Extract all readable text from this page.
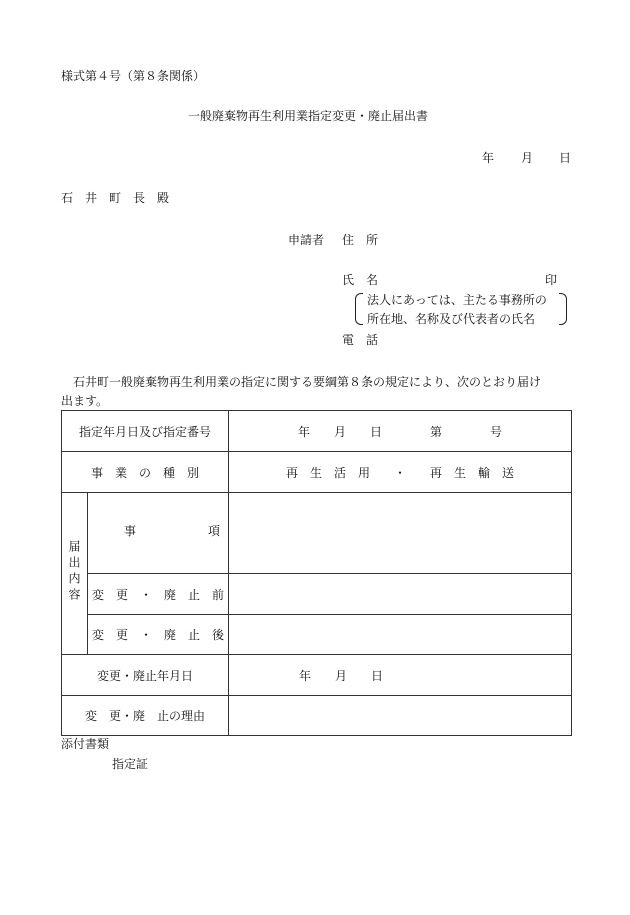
様式第４号（第８条関係）
一般廃棄物再生利用業指定変更・廃止届出書
年 月 日
石　井　町　長　殿
申請者 住　所
氏　名	印
法人にあっては、主たる事務所の
所在地、名称及び代表者の氏名
電　話
石井町一般廃棄物再生利用業の指定に関する要綱第８条の規定により、次のとおり届け
出ます。
指定年月日及び指定番号		年　　月　　日　　　　第　　　　号
事　業　の　種　別		再　生　活　用　　・　　再　生　輸　送
届出内容	事　　　　　　項	
	変　更　・　廃　止　前	
	変　更　・　廃　止　後	
変更・廃止年月日		年　　月　　日
変　更・廃　止の理由		
添付書類
指定証
